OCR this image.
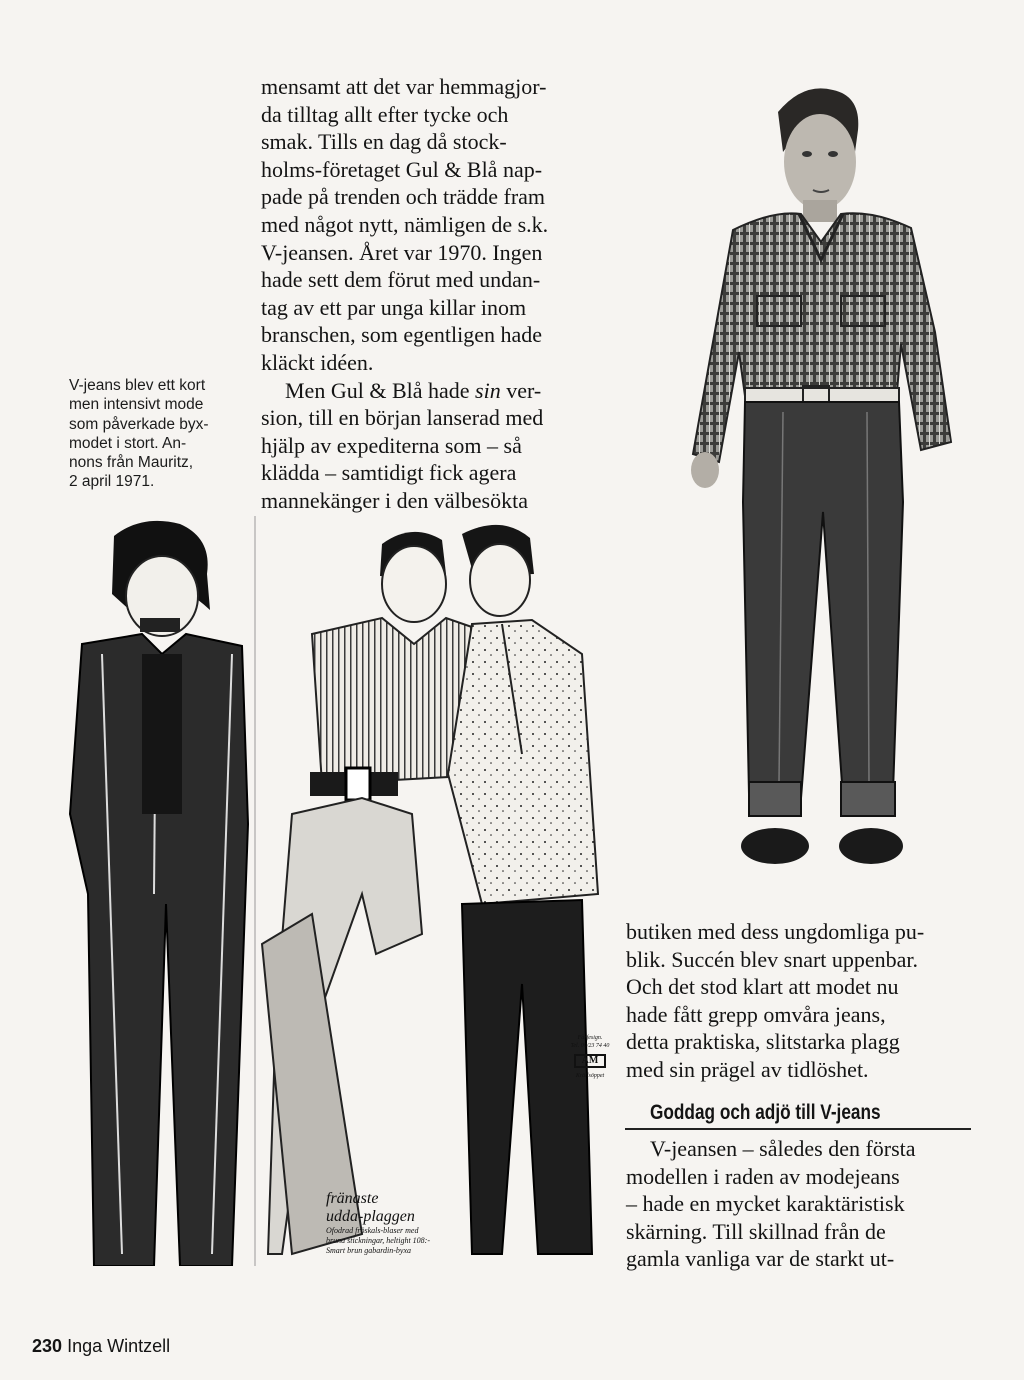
mensamt att det var hemmagjor-
da tilltag allt efter tycke och
smak. Tills en dag då stock-
holms-företaget Gul & Blå nap-
pade på trenden och trädde fram
med något nytt, nämligen de s.k.
V-jeansen. Året var 1970. Ingen
hade sett dem förut med undan-
tag av ett par unga killar inom
branschen, som egentligen hade
kläckt idéen.
Men Gul & Blå hade sin ver-
sion, till en början lanserad med
hjälp av expediterna som – så
klädda – samtidigt fick agera
mannekänger i den välbesökta
V-jeans blev ett kort
men intensivt mode
som påverkade byx-
modet i stort. An-
nons från Mauritz,
2 april 1971.
fränaste
udda-plaggen
Ofodrad fröskals-blaser med
bruna stickningar, heltight 108:-
Smart brun gabardin-byxa
Fårfesign.
Tel. 00/23 74 40
AM
Krällsöppet
butiken med dess ungdomliga pu-
blik. Succén blev snart uppenbar.
Och det stod klart att modet nu
hade fått grepp omvåra jeans,
detta praktiska, slitstarka plagg
med sin prägel av tidlöshet.
Goddag och adjö till V-jeans
V-jeansen – således den första
modellen i raden av modejeans
– hade en mycket karaktäristisk
skärning. Till skillnad från de
gamla vanliga var de starkt ut-
230 Inga Wintzell
